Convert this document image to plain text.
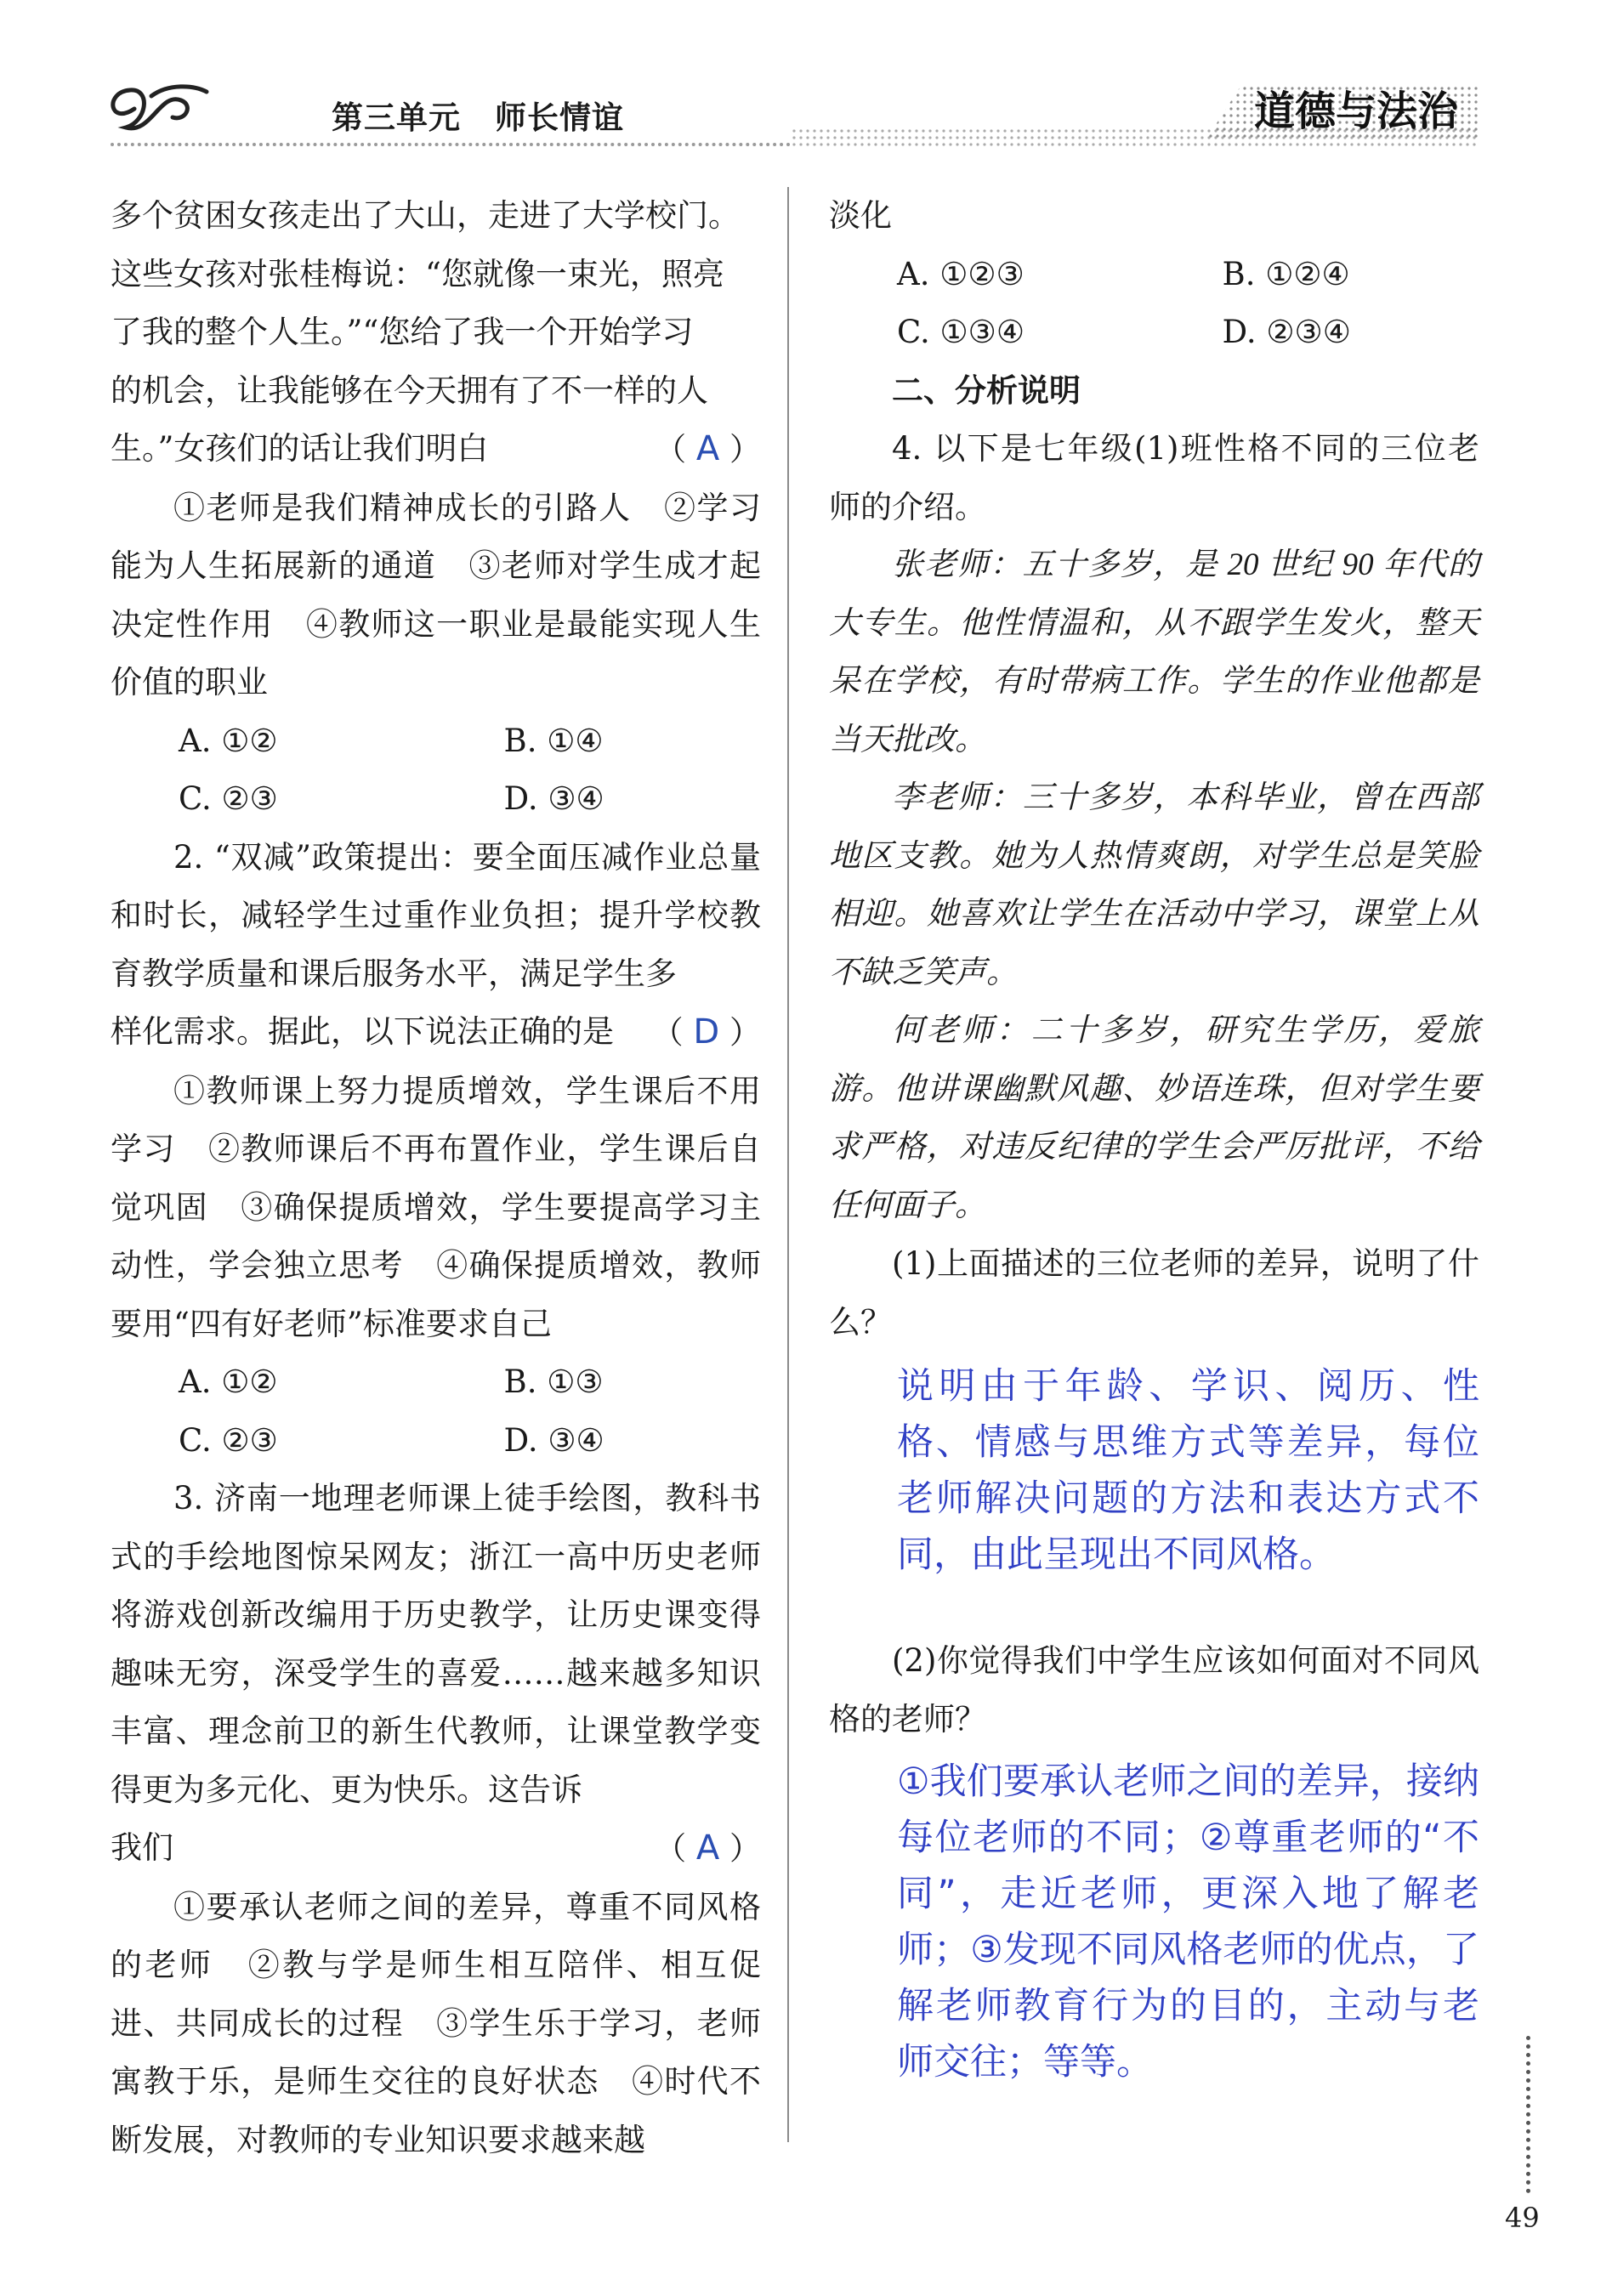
第三单元 师长情谊	道德与法治

多个贫困女孩走出了大山，走进了大学校门。

这些女孩对张桂梅说：“您就像一束光，照亮

了我的整个人生。”“您给了我一个开始学习

的机会，让我能够在今天拥有了不一样的人

生。”女孩们的话让我们明白	（ A ）

①老师是我们精神成长的引路人　②学习能为人生拓展新的通道　③老师对学生成才起决定性作用　④教师这一职业是最能实现人生价值的职业

A. ①②	B. ①④
C. ②③	D. ③④

2. “双减”政策提出：要全面压减作业总量和时长，减轻学生过重作业负担；提升学校教育教学质量和课后服务水平，满足学生多

样化需求。据此，以下说法正确的是 （ D ）

①教师课上努力提质增效，学生课后不用学习　②教师课后不再布置作业，学生课后自觉巩固　③确保提质增效，学生要提高学习主动性，学会独立思考　④确保提质增效，教师要用“四有好老师”标准要求自己

A. ①②	B. ①③
C. ②③	D. ③④

3. 济南一地理老师课上徒手绘图，教科书式的手绘地图惊呆网友；浙江一高中历史老师将游戏创新改编用于历史教学，让历史课变得趣味无穷，深受学生的喜爱……越来越多知识丰富、理念前卫的新生代教师，让课堂教学变得更为多元化、更为快乐。这告诉

我们	（ A ）

①要承认老师之间的差异，尊重不同风格的老师　②教与学是师生相互陪伴、相互促进、共同成长的过程　③学生乐于学习，老师寓教于乐，是师生交往的良好状态　④时代不断发展，对教师的专业知识要求越来越

淡化

A. ①②③	B. ①②④
C. ①③④	D. ②③④

二、分析说明

4. 以下是七年级(1)班性格不同的三位老师的介绍。

张老师：五十多岁，是 20 世纪 90 年代的大专生。他性情温和，从不跟学生发火，整天呆在学校，有时带病工作。学生的作业他都是当天批改。

李老师：三十多岁，本科毕业，曾在西部地区支教。她为人热情爽朗，对学生总是笑脸相迎。她喜欢让学生在活动中学习，课堂上从不缺乏笑声。

何老师：二十多岁，研究生学历，爱旅游。他讲课幽默风趣、妙语连珠，但对学生要求严格，对违反纪律的学生会严厉批评，不给任何面子。

(1)上面描述的三位老师的差异，说明了什么？

说明由于年龄、学识、阅历、性格、情感与思维方式等差异，每位老师解决问题的方法和表达方式不同，由此呈现出不同风格。

(2)你觉得我们中学生应该如何面对不同风格的老师？

①我们要承认老师之间的差异，接纳每位老师的不同；②尊重老师的“不同”，走近老师，更深入地了解老师；③发现不同风格老师的优点，了解老师教育行为的目的，主动与老师交往；等等。

49
